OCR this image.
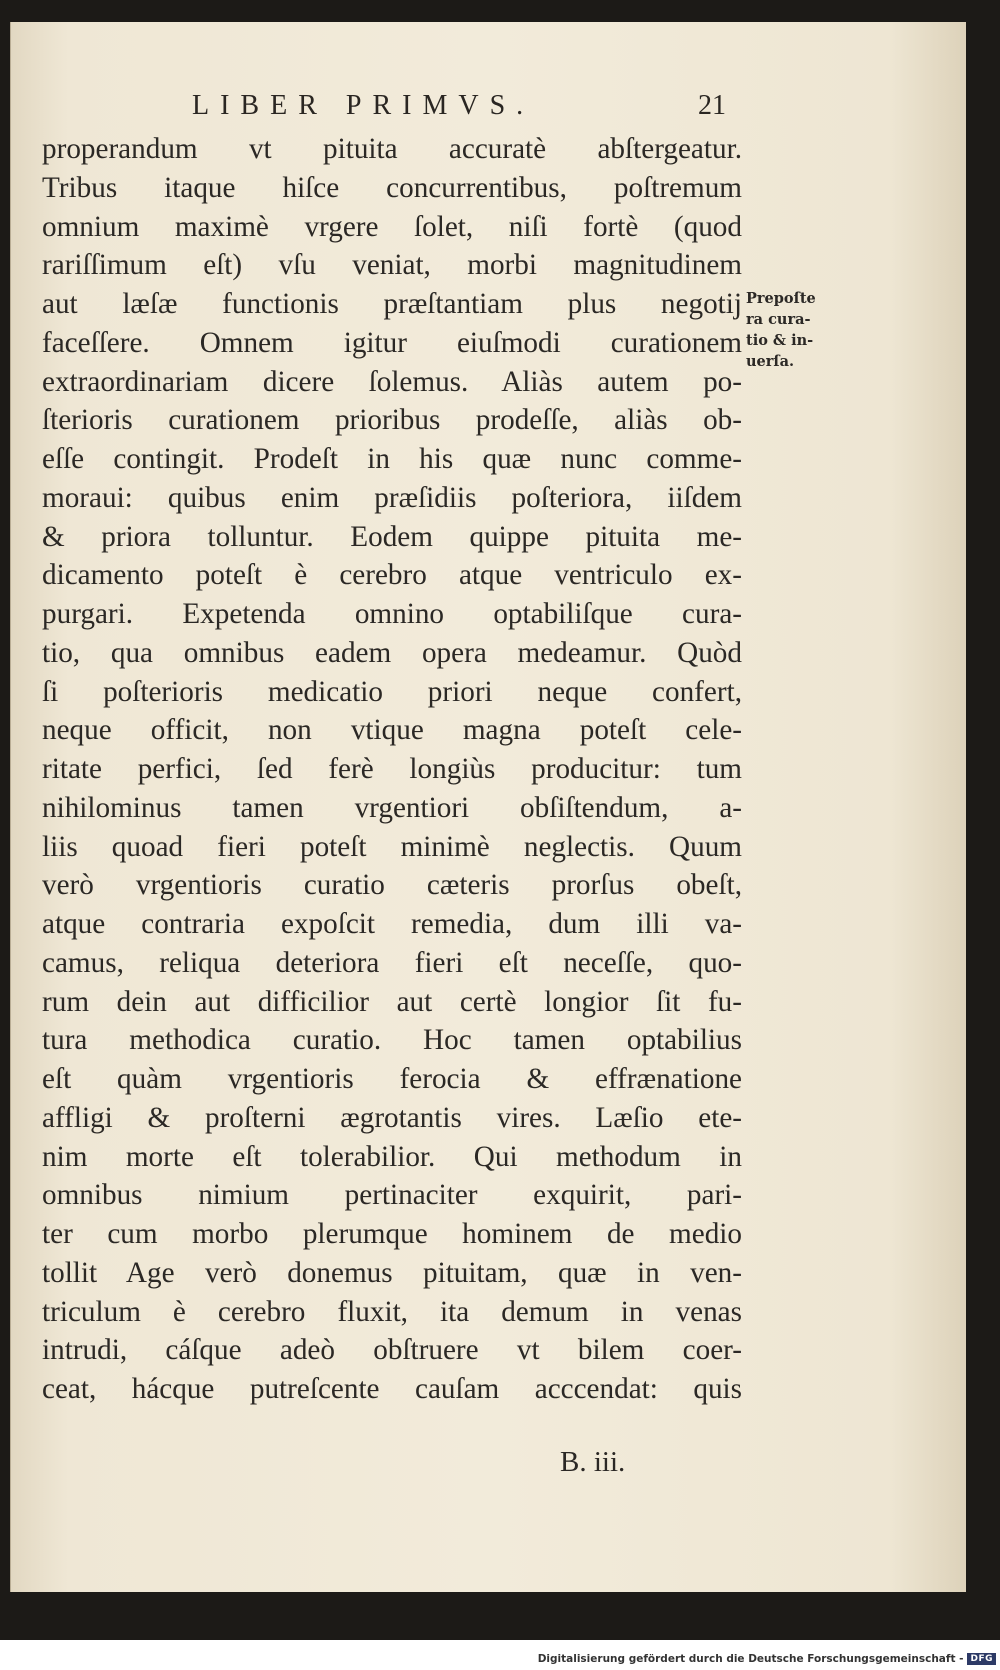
LIBER PRIMVS.	21
properandum vt pituita accuratè abſtergeatur.
Tribus itaque hiſce concurrentibus, poſtremum
omnium maximè vrgere ſolet, niſi fortè (quod
rariſſimum eſt) vſu veniat, morbi magnitudinem
aut læſæ functionis præſtantiam plus negotij
faceſſere. Omnem igitur eiuſmodi curationem
extraordinariam dicere ſolemus. Aliàs autem po-
ſterioris curationem prioribus prodeſſe, aliàs ob-
eſſe contingit. Prodeſt in his quæ nunc comme-
moraui: quibus enim præſidiis poſteriora, iiſdem
& priora tolluntur. Eodem quippe pituita me-
dicamento poteſt è cerebro atque ventriculo ex-
purgari. Expetenda omnino optabiliſque cura-
tio, qua omnibus eadem opera medeamur. Quòd
ſi poſterioris medicatio priori neque confert,
neque officit, non vtique magna poteſt cele-
ritate perfici, ſed ferè longiùs producitur: tum
nihilominus tamen vrgentiori obſiſtendum, a-
liis quoad fieri poteſt minimè neglectis. Quum
verò vrgentioris curatio cæteris prorſus obeſt,
atque contraria expoſcit remedia, dum illi va-
camus, reliqua deteriora fieri eſt neceſſe, quo-
rum dein aut difficilior aut certè longior ſit fu-
tura methodica curatio. Hoc tamen optabilius
eſt quàm vrgentioris ferocia & effrænatione
affligi & proſterni ægrotantis vires. Læſio ete-
nim morte eſt tolerabilior. Qui methodum in
omnibus nimium pertinaciter exquirit, pari-
ter cum morbo plerumque hominem de medio
tollit Age verò donemus pituitam, quæ in ven-
triculum è cerebro fluxit, ita demum in venas
intrudi, cáſque adeò obſtruere vt bilem coer-
ceat, hácque putreſcente cauſam acccendat: quis
Prepoſte
ra cura-
tio & in-
uerſa.
B. iii.
Digitalisierung gefördert durch die Deutsche Forschungsgemeinschaft - DFG
